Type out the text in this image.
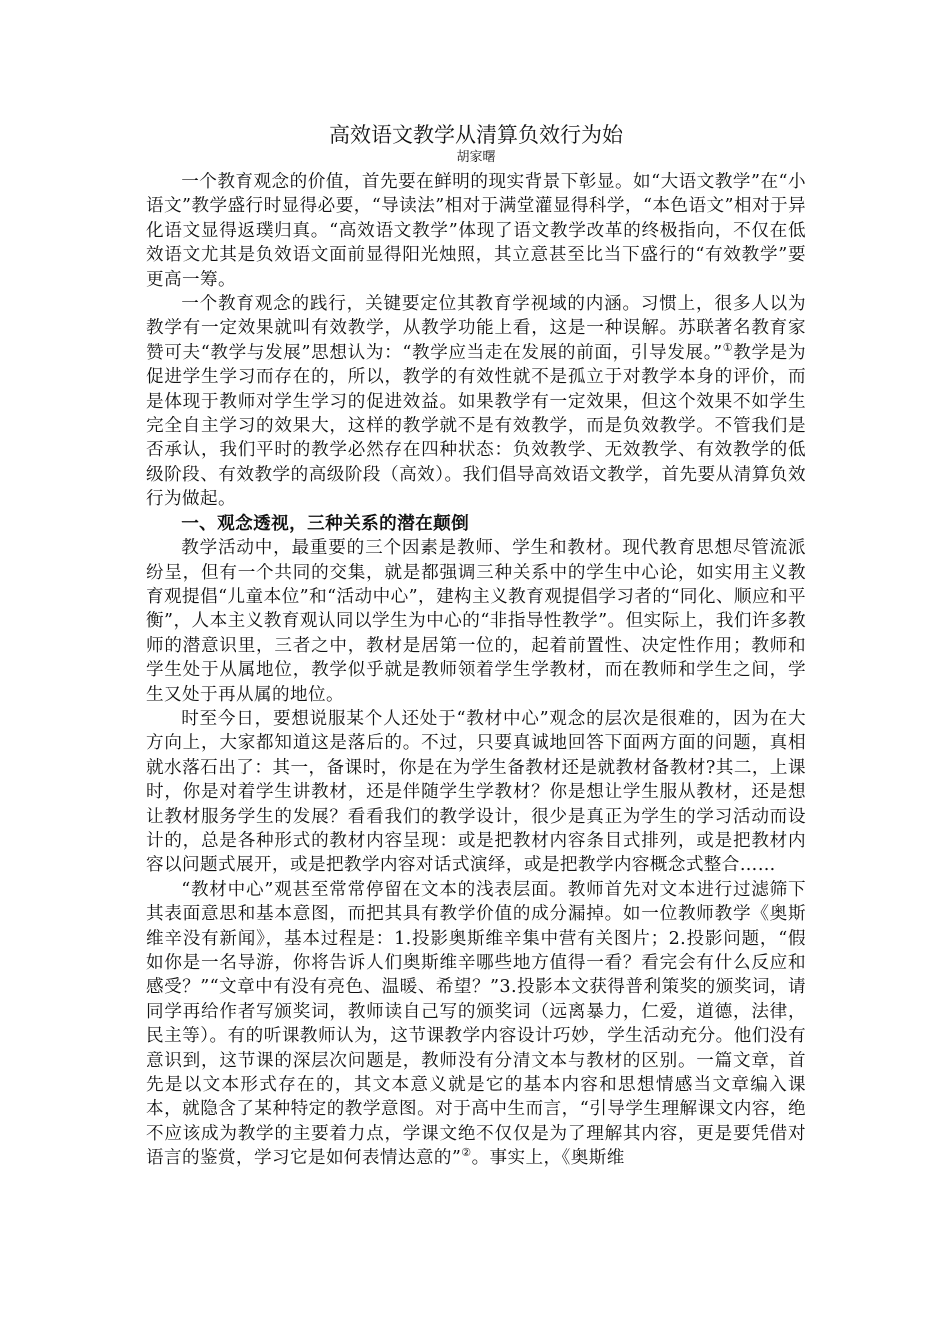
高效语文教学从清算负效行为始
胡家曙

一个教育观念的价值，首先要在鲜明的现实背景下彰显。如“大语文教学”在“小语文”教学盛行时显得必要，“导读法”相对于满堂灌显得科学，“本色语文”相对于异化语文显得返璞归真。“高效语文教学”体现了语文教学改革的终极指向，不仅在低效语文尤其是负效语文面前显得阳光烛照，其立意甚至比当下盛行的“有效教学”要更高一筹。

一个教育观念的践行，关键要定位其教育学视域的内涵。习惯上，很多人以为教学有一定效果就叫有效教学，从教学功能上看，这是一种误解。苏联著名教育家赞可夫“教学与发展”思想认为：“教学应当走在发展的前面，引导发展。”①教学是为促进学生学习而存在的，所以，教学的有效性就不是孤立于对教学本身的评价，而是体现于教师对学生学习的促进效益。如果教学有一定效果，但这个效果不如学生完全自主学习的效果大，这样的教学就不是有效教学，而是负效教学。不管我们是否承认，我们平时的教学必然存在四种状态：负效教学、无效教学、有效教学的低级阶段、有效教学的高级阶段（高效）。我们倡导高效语文教学，首先要从清算负效行为做起。

一、观念透视，三种关系的潜在颠倒

教学活动中，最重要的三个因素是教师、学生和教材。现代教育思想尽管流派纷呈，但有一个共同的交集，就是都强调三种关系中的学生中心论，如实用主义教育观提倡“儿童本位”和“活动中心”，建构主义教育观提倡学习者的“同化、顺应和平衡”，人本主义教育观认同以学生为中心的“非指导性教学”。但实际上，我们许多教师的潜意识里，三者之中，教材是居第一位的，起着前置性、决定性作用；教师和学生处于从属地位，教学似乎就是教师领着学生学教材，而在教师和学生之间，学生又处于再从属的地位。

时至今日，要想说服某个人还处于“教材中心”观念的层次是很难的，因为在大方向上，大家都知道这是落后的。不过，只要真诚地回答下面两方面的问题，真相就水落石出了：其一，备课时，你是在为学生备教材还是就教材备教材?其二，上课时，你是对着学生讲教材，还是伴随学生学教材？你是想让学生服从教材，还是想让教材服务学生的发展？看看我们的教学设计，很少是真正为学生的学习活动而设计的，总是各种形式的教材内容呈现：或是把教材内容条目式排列，或是把教材内容以问题式展开，或是把教学内容对话式演绎，或是把教学内容概念式整合……

“教材中心”观甚至常常停留在文本的浅表层面。教师首先对文本进行过滤筛下其表面意思和基本意图，而把其具有教学价值的成分漏掉。如一位教师教学《奥斯维辛没有新闻》，基本过程是：1.投影奥斯维辛集中营有关图片；2.投影问题，“假如你是一名导游，你将告诉人们奥斯维辛哪些地方值得一看？看完会有什么反应和感受？”“文章中有没有亮色、温暖、希望？”3.投影本文获得普利策奖的颁奖词，请同学再给作者写颁奖词，教师读自己写的颁奖词（远离暴力，仁爱，道德，法律，民主等）。有的听课教师认为，这节课教学内容设计巧妙，学生活动充分。他们没有意识到，这节课的深层次问题是，教师没有分清文本与教材的区别。一篇文章，首先是以文本形式存在的，其文本意义就是它的基本内容和思想情感当文章编入课本，就隐含了某种特定的教学意图。对于高中生而言，“引导学生理解课文内容，绝不应该成为教学的主要着力点，学课文绝不仅仅是为了理解其内容，更是要凭借对语言的鉴赏，学习它是如何表情达意的”②。事实上，《奥斯维
